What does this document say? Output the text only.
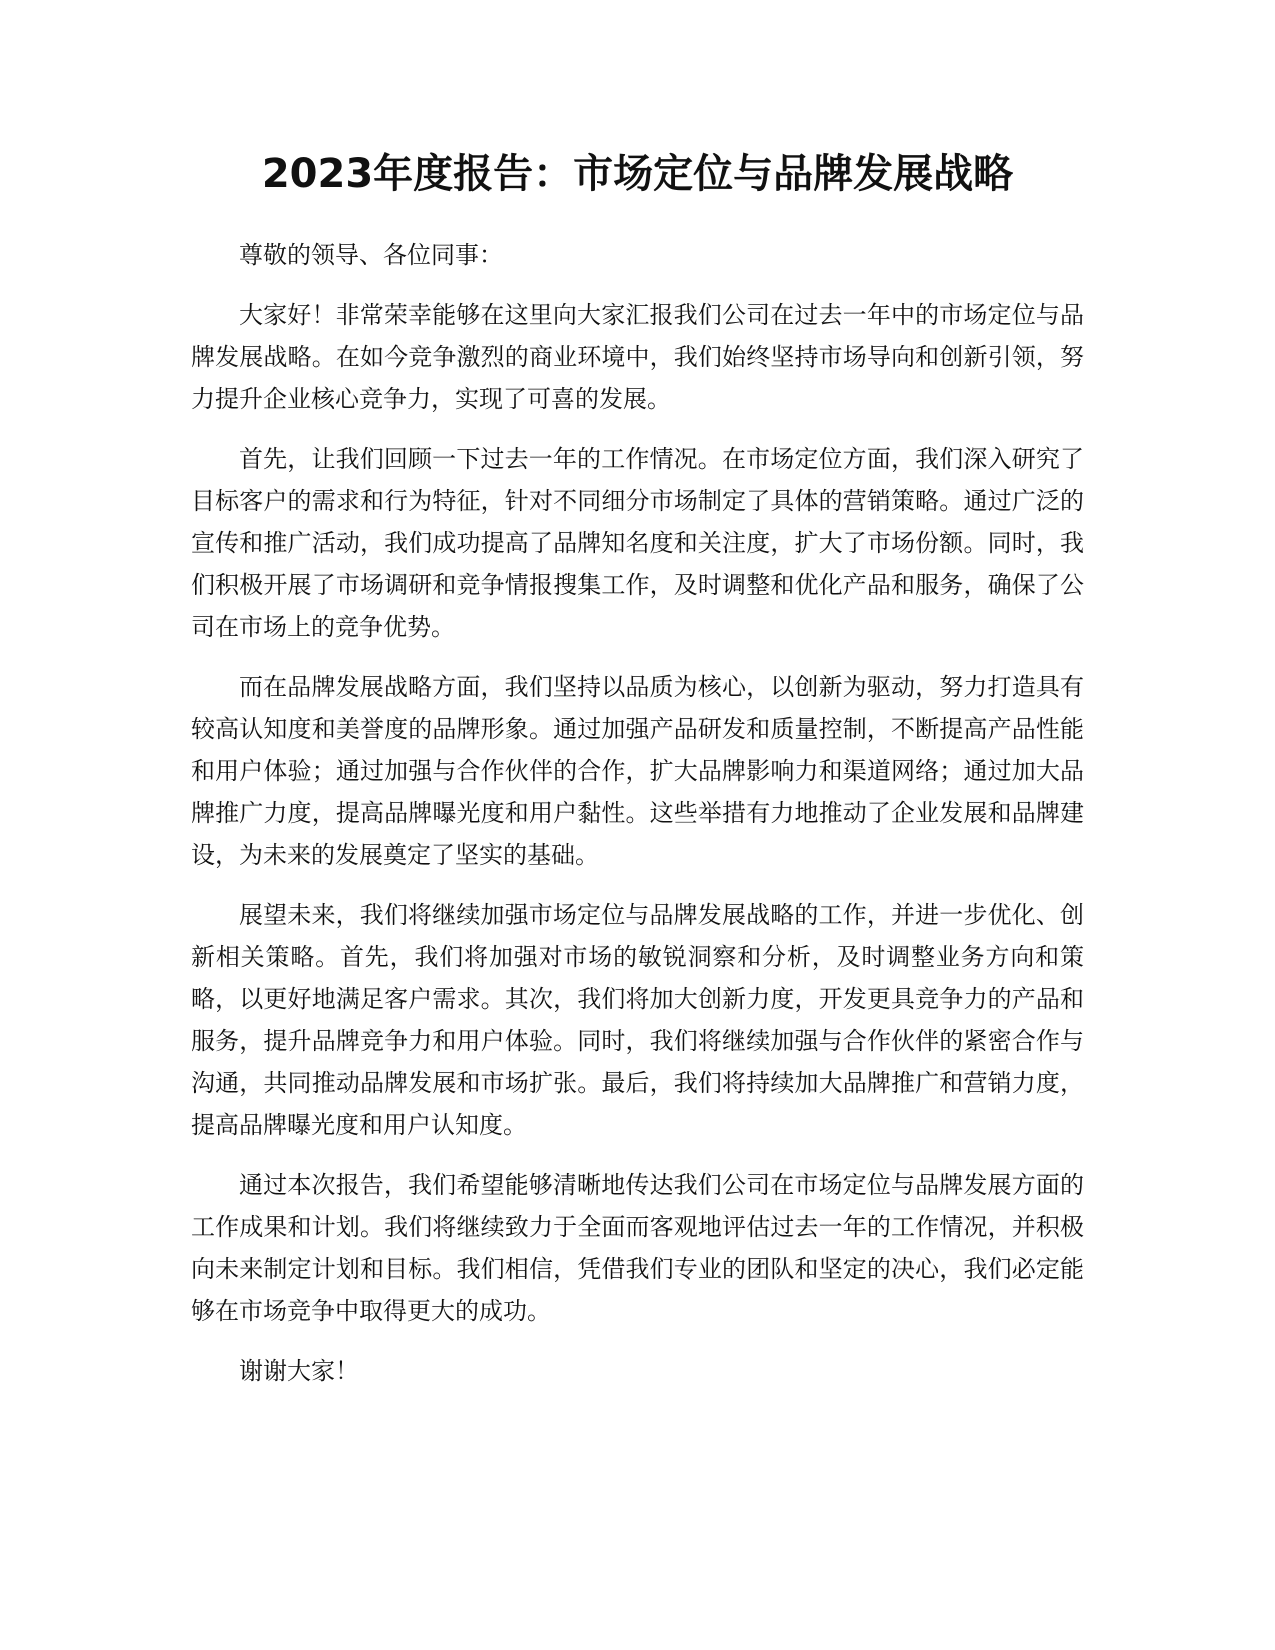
2023年度报告：市场定位与品牌发展战略

尊敬的领导、各位同事：

大家好！非常荣幸能够在这里向大家汇报我们公司在过去一年中的市场定位与品牌发展战略。在如今竞争激烈的商业环境中，我们始终坚持市场导向和创新引领，努力提升企业核心竞争力，实现了可喜的发展。

首先，让我们回顾一下过去一年的工作情况。在市场定位方面，我们深入研究了目标客户的需求和行为特征，针对不同细分市场制定了具体的营销策略。通过广泛的宣传和推广活动，我们成功提高了品牌知名度和关注度，扩大了市场份额。同时，我们积极开展了市场调研和竞争情报搜集工作，及时调整和优化产品和服务，确保了公司在市场上的竞争优势。

而在品牌发展战略方面，我们坚持以品质为核心，以创新为驱动，努力打造具有较高认知度和美誉度的品牌形象。通过加强产品研发和质量控制，不断提高产品性能和用户体验；通过加强与合作伙伴的合作，扩大品牌影响力和渠道网络；通过加大品牌推广力度，提高品牌曝光度和用户黏性。这些举措有力地推动了企业发展和品牌建设，为未来的发展奠定了坚实的基础。

展望未来，我们将继续加强市场定位与品牌发展战略的工作，并进一步优化、创新相关策略。首先，我们将加强对市场的敏锐洞察和分析，及时调整业务方向和策略，以更好地满足客户需求。其次，我们将加大创新力度，开发更具竞争力的产品和服务，提升品牌竞争力和用户体验。同时，我们将继续加强与合作伙伴的紧密合作与沟通，共同推动品牌发展和市场扩张。最后，我们将持续加大品牌推广和营销力度，提高品牌曝光度和用户认知度。

通过本次报告，我们希望能够清晰地传达我们公司在市场定位与品牌发展方面的工作成果和计划。我们将继续致力于全面而客观地评估过去一年的工作情况，并积极向未来制定计划和目标。我们相信，凭借我们专业的团队和坚定的决心，我们必定能够在市场竞争中取得更大的成功。

谢谢大家！
